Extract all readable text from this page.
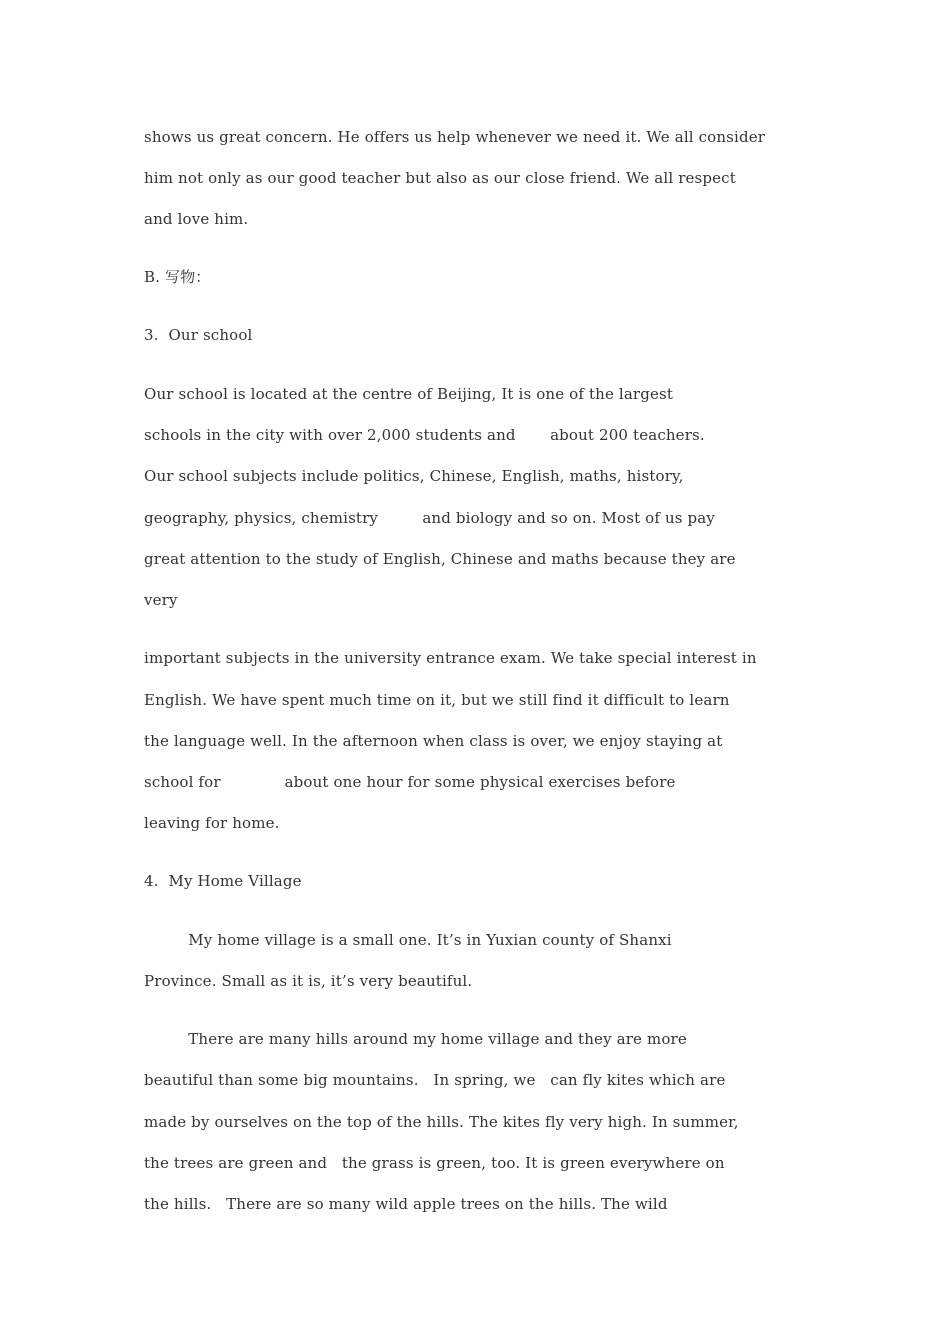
shows us great concern. He offers us help whenever we need it. We all consider

him not only as our good teacher but also as our close friend. We all respect

and love him.

B. 写物：

3.  Our school

Our school is located at the centre of Beijing, It is one of the largest

schools in the city with over 2,000 students and       about 200 teachers.

Our school subjects include politics, Chinese, English, maths, history,

geography, physics, chemistry         and biology and so on. Most of us pay

great attention to the study of English, Chinese and maths because they are

very

important subjects in the university entrance exam. We take special interest in

English. We have spent much time on it, but we still find it difficult to learn

the language well. In the afternoon when class is over, we enjoy staying at

school for             about one hour for some physical exercises before

leaving for home.

4.  My Home Village

My home village is a small one. It’s in Yuxian county of Shanxi

Province. Small as it is, it’s very beautiful.

There are many hills around my home village and they are more

beautiful than some big mountains.   In spring, we   can fly kites which are

made by ourselves on the top of the hills. The kites fly very high. In summer,

the trees are green and   the grass is green, too. It is green everywhere on

the hills.   There are so many wild apple trees on the hills. The wild
